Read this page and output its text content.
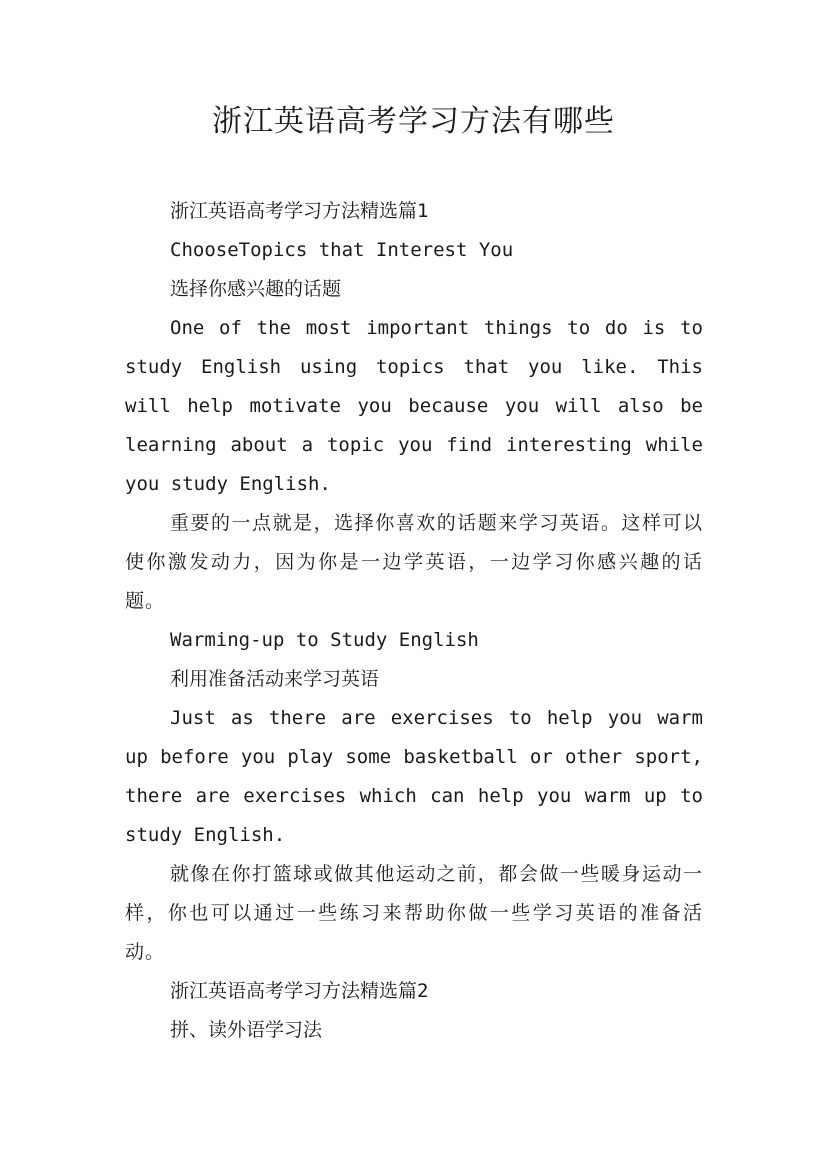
浙江英语高考学习方法有哪些

浙江英语高考学习方法精选篇1

ChooseTopics that Interest You

选择你感兴趣的话题

One of the most important things to do is to study English using topics that you like. This will help motivate you because you will also be learning about a topic you find interesting while you study English.

重要的一点就是，选择你喜欢的话题来学习英语。这样可以使你激发动力，因为你是一边学英语，一边学习你感兴趣的话题。

Warming-up to Study English

利用准备活动来学习英语

Just as there are exercises to help you warm up before you play some basketball or other sport, there are exercises which can help you warm up to study English.

就像在你打篮球或做其他运动之前，都会做一些暖身运动一样，你也可以通过一些练习来帮助你做一些学习英语的准备活动。

浙江英语高考学习方法精选篇2

拼、读外语学习法
